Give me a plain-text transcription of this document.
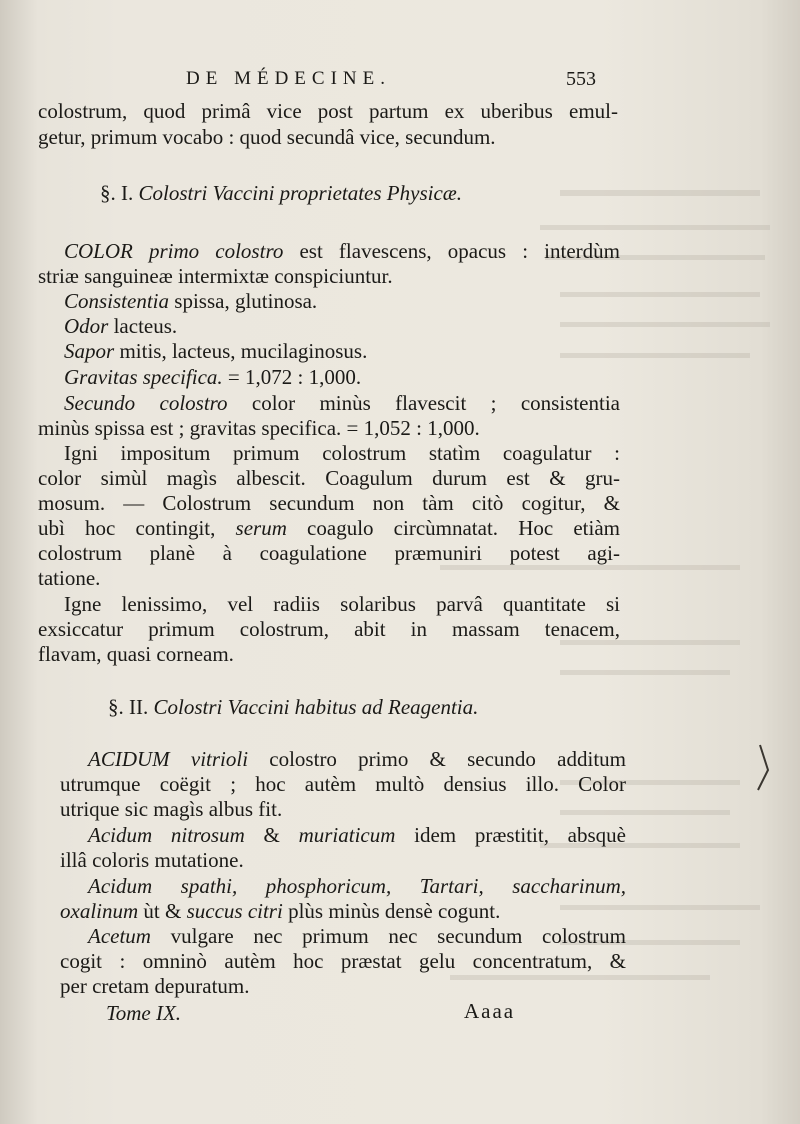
DE MÉDECINE.	553
colostrum, quod primâ vice post partum ex uberibus emul-
getur, primum vocabo : quod secundâ vice, secundum.
§. I. Colostri Vaccini proprietates Physicæ.
COLOR primo colostro est flavescens, opacus : interdùm
striæ sanguineæ intermixtæ conspiciuntur.
Consistentia spissa, glutinosa.
Odor lacteus.
Sapor mitis, lacteus, mucilaginosus.
Gravitas specifica. = 1,072 : 1,000.
Secundo colostro color minùs flavescit ; consistentia
minùs spissa est ; gravitas specifica. = 1,052 : 1,000.
Igni impositum primum colostrum statìm coagulatur :
color simùl magìs albescit. Coagulum durum est & gru-
mosum. — Colostrum secundum non tàm citò cogitur, &
ubì hoc contingit, serum coagulo circùmnatat. Hoc etiàm
colostrum planè à coagulatione præmuniri potest agi-
tatione.
Igne lenissimo, vel radiis solaribus parvâ quantitate si
exsiccatur primum colostrum, abit in massam tenacem,
flavam, quasi corneam.
§. II. Colostri Vaccini habitus ad Reagentia.
ACIDUM vitrioli colostro primo & secundo additum
utrumque coëgit ; hoc autèm multò densius illo. Color
utrique sic magìs albus fit.
Acidum nitrosum & muriaticum idem præstitit, absquè
illâ coloris mutatione.
Acidum spathi, phosphoricum, Tartari, saccharinum,
oxalinum ùt & succus citri plùs minùs densè cogunt.
Acetum vulgare nec primum nec secundum colostrum
cogit : omninò autèm hoc præstat gelu concentratum, &
per cretam depuratum.
Tome IX.	Aaaa
